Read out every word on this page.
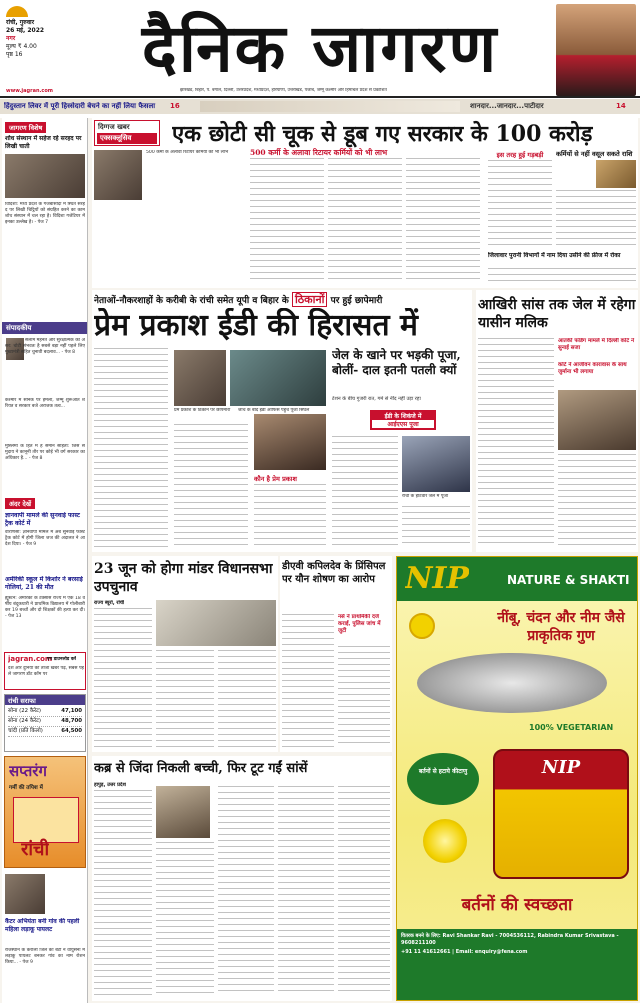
रांची, गुरुवार
26 मई, 2022
नगर
मूल्य ₹ 4.00
पृष्ठ 16
www.jagran.com
दैनिक जागरण
झारखंड, बिहार, पं. बंगाल, दिल्ली, उत्तरप्रदेश, मध्यप्रदेश, हरियाणा, उत्तराखंड, पंजाब, जम्मू कश्मीर और हिमाचल प्रदेश से प्रकाशित
हिंदुस्तान लिवर में पूरी हिस्सेदारी बेचने का नहीं लिया फैसला	16	शानदार...जानदार...पाटीदार	14
जागरण विशेष
शोध संस्थान में सहेज रहे सरहद पर लिखी चाती
विदिशा: मध्य प्रदेश के गंजबासौदा में स्थित सरहद पर लिखी चिट्ठियों को संग्रहित करने का काम शोध संस्थान में चल रहा है। विदिशा गजेटियर में इनका उल्लेख है। - पेज 7
संपादकीय
सलाम मेहनत और सुरक्षात्मक का असर: चोटी संभवतः है सबसे बड़ा नहीं पहले लिए मुख्यमंत्री सहित चुनावी बदलाव... - पेज 8
कश्मीर में सैनिक पर हमला, जम्मू शुरूआत शरियत व सरकार बजे अराजक तत्व...
मुस्लिमों के हित में है समान संहिता: जिस समुदाय ने कानूनी तौर पर कोई भी वर्ग सरकार का अधिकार है... - पेज 8
अंदर देखें
ज्ञानवापी मामले की सुनवाई फास्ट ट्रैक कोर्ट में
वाराणसी: ज्ञानवापी मामले में अब सुनवाई फास्ट ट्रैक कोर्ट में होगी जिला जज की अदालत ने आदेश दिया। - पेज 9
अमेरिकी स्कूल में किशोर ने बरसाई गोलियां, 21 की मौत
ह्यूस्टन: अमेरिका के टेक्सास राज्य में एक 18 वर्षीय बंदूकधारी ने प्राथमिक विद्यालय में गोलीबारी कर 19 बच्चों और दो शिक्षकों की हत्या कर दी। - पेज 13
jagran.com
एप डाउनलोड करें
देश और दुनिया की ताजा खबरें पढ़ें, सबसे पहले जागरण डॉट कॉम पर
रांची सराफा
सोना (22 कैरेट)	47,100
सोना (24 कैरेट)	48,700
चांदी (प्रति किलो)	64,500
सप्तरंग
गर्मी की तपिश में
रांची
कैंटर अभियंता बनी गांव की पहली महिला लड़ाकू पायलट
राजस्थान के करौली जिले की बेटी ने वायुसेना में लड़ाकू पायलट बनकर गांव का नाम रोशन किया... - पेज 9
दिग्गज खबर
एक्सक्लूसिव	एक छोटी सी चूक से डूब गए सरकार के 100 करोड़
500 कर्मी के अलावा रिटायर कर्मियों को भी लाभ	500 कर्मी के अलावा रिटायर कर्मियों को भी लाभ	इस तरह हुई गड़बड़ी	कर्मियों से नहीं वसूल सकते राशि
जिलावार पुरानी विभागों में नाम दिया उसीने की फ्रीज में रोका
नेताओं-नौकरशाहों के करीबी के रांची समेत यूपी व बिहार के ठिकानों पर हुई छापेमारी
प्रेम प्रकाश ईडी की हिरासत में
प्रेम प्रकाश के ठिकाने पर छापेमारी	जांच के बाद ईडी ऑफिस पहुंचे पूजा सिंघल
कौन है प्रेम प्रकाश
जेल के खाने पर भड़की पूजा, बोलीं- दाल इतनी पतली क्यों
टेंशन के बीच गुजरी रात, गर्म से नींद नहीं उड़ा रहा
ईडी के शिकंजे में
आईएएस पूजा
रांची के होटवार जेल में पूजा
आखिरी सांस तक जेल में रहेगा यासीन मलिक
आतंकी फंडिंग मामले में दिल्ली कोर्ट ने सुनाई सजा
कोर्ट ने आजीवन कारावास के साथ जुर्माना भी लगाया
23 जून को होगा मांडर विधानसभा उपचुनाव
राज्य ब्यूरो, रांची
डीएवी कपिलदेव के प्रिंसिपल पर यौन शोषण का आरोप
नर्स ने प्राथमिकी दर्ज कराई, पुलिस जांच में जुटी
कब्र से जिंदा निकली बच्ची, फिर टूट गईं सांसें
हापुड़, उत्तर प्रदेश
NIP	NATURE & SHAKTI
नींबू, चंदन और नीम जैसे प्राकृतिक गुण
100% VEGETARIAN
बर्तनों से हटाये कीटाणु	NIP
बर्तनों की स्वच्छता
वितरक बनने के लिए: Ravi Shankar Ravi - 7004536112, Rabindra Kumar Srivastava - 9608211100
+91 11 41612661 | Email: enquiry@fena.com
